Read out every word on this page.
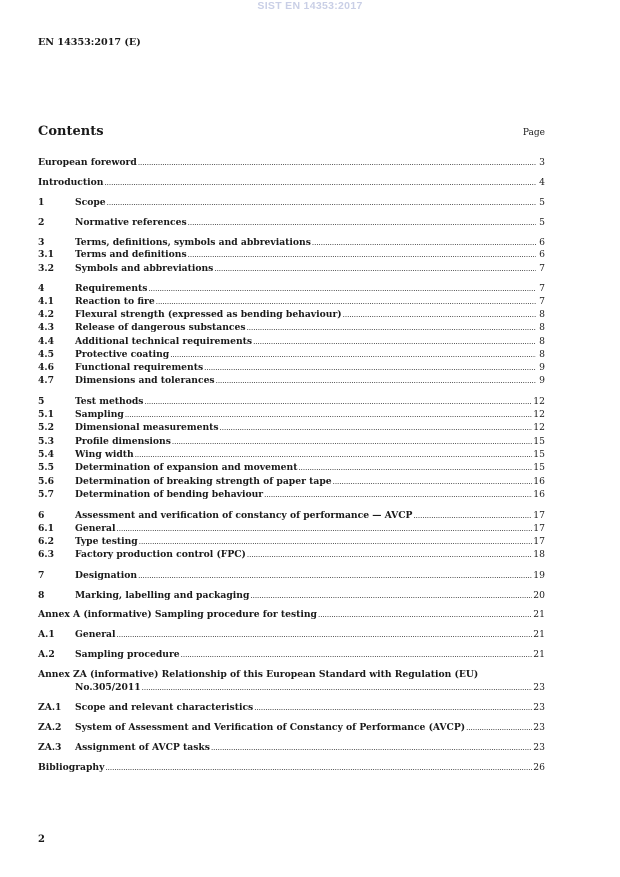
SIST EN 14353:2017
EN 14353:2017 (E)
Contents	Page
European foreword .....	3
Introduction .....	4
1	Scope .....	5
2	Normative references .....	5
3	Terms, definitions, symbols and abbreviations .....	6
3.1	Terms and definitions .....	6
3.2	Symbols and abbreviations .....	7
4	Requirements .....	7
4.1	Reaction to fire .....	7
4.2	Flexural strength (expressed as bending behaviour) .....	8
4.3	Release of dangerous substances .....	8
4.4	Additional technical requirements .....	8
4.5	Protective coating .....	8
4.6	Functional requirements .....	9
4.7	Dimensions and tolerances .....	9
5	Test methods .....	12
5.1	Sampling .....	12
5.2	Dimensional measurements .....	12
5.3	Profile dimensions .....	15
5.4	Wing width .....	15
5.5	Determination of expansion and movement .....	15
5.6	Determination of breaking strength of paper tape .....	16
5.7	Determination of bending behaviour .....	16
6	Assessment and verification of constancy of performance — AVCP .....	17
6.1	General .....	17
6.2	Type testing .....	17
6.3	Factory production control (FPC) .....	18
7	Designation .....	19
8	Marking, labelling and packaging .....	20
Annex A (informative) Sampling procedure for testing .....	21
A.1	General .....	21
A.2	Sampling procedure .....	21
Annex ZA (informative) Relationship of this European Standard with Regulation (EU)
No.305/2011 .....	23
ZA.1	Scope and relevant characteristics .....	23
ZA.2	System of Assessment and Verification of Constancy of Performance (AVCP) .....	23
ZA.3	Assignment of AVCP tasks .....	23
Bibliography .....	26
2
